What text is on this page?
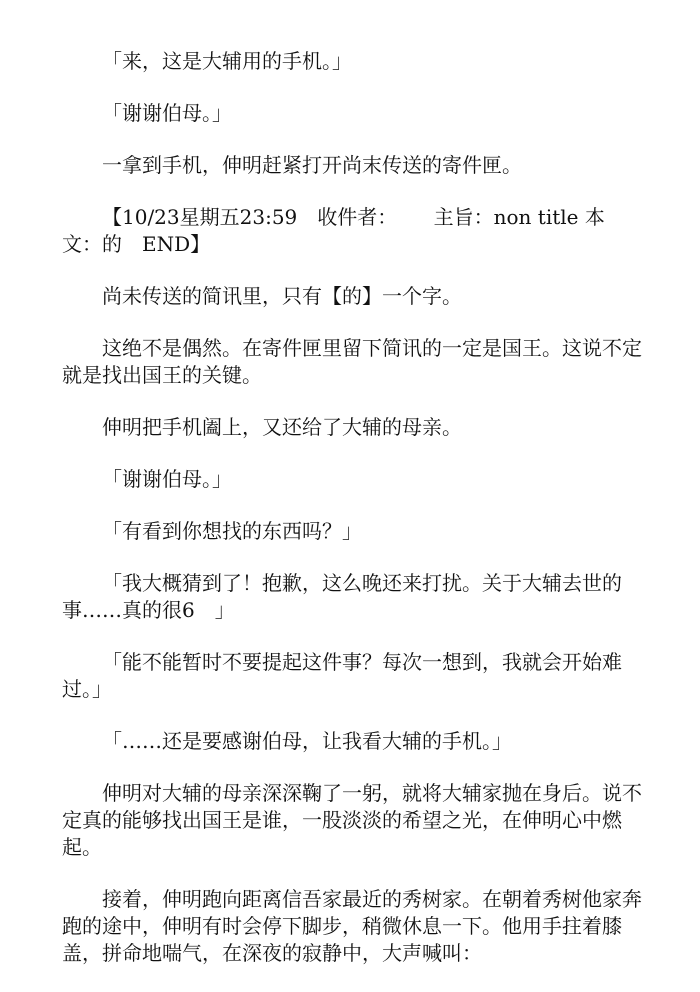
「来，这是大辅用的手机。」

「谢谢伯母。」

一拿到手机，伸明赶紧打开尚末传送的寄件匣。

【10/23星期五23:59　收件者：　　 主旨：non title 本文：的　END】

尚未传送的简讯里，只有【的】一个字。

这绝不是偶然。在寄件匣里留下简讯的一定是国王。这说不定就是找出国王的关键。

伸明把手机阖上，又还给了大辅的母亲。

「谢谢伯母。」

「有看到你想找的东西吗？」

「我大概猜到了！抱歉，这么晚还来打扰。关于大辅去世的事……真的很6　」

「能不能暂时不要提起这件事？每次一想到，我就会开始难过。」

「……还是要感谢伯母，让我看大辅的手机。」

伸明对大辅的母亲深深鞠了一躬，就将大辅家抛在身后。说不定真的能够找出国王是谁，一股淡淡的希望之光，在伸明心中燃起。

接着，伸明跑向距离信吾家最近的秀树家。在朝着秀树他家奔跑的途中，伸明有时会停下脚步，稍微休息一下。他用手拄着膝盖，拼命地喘气，在深夜的寂静中，大声喊叫：
